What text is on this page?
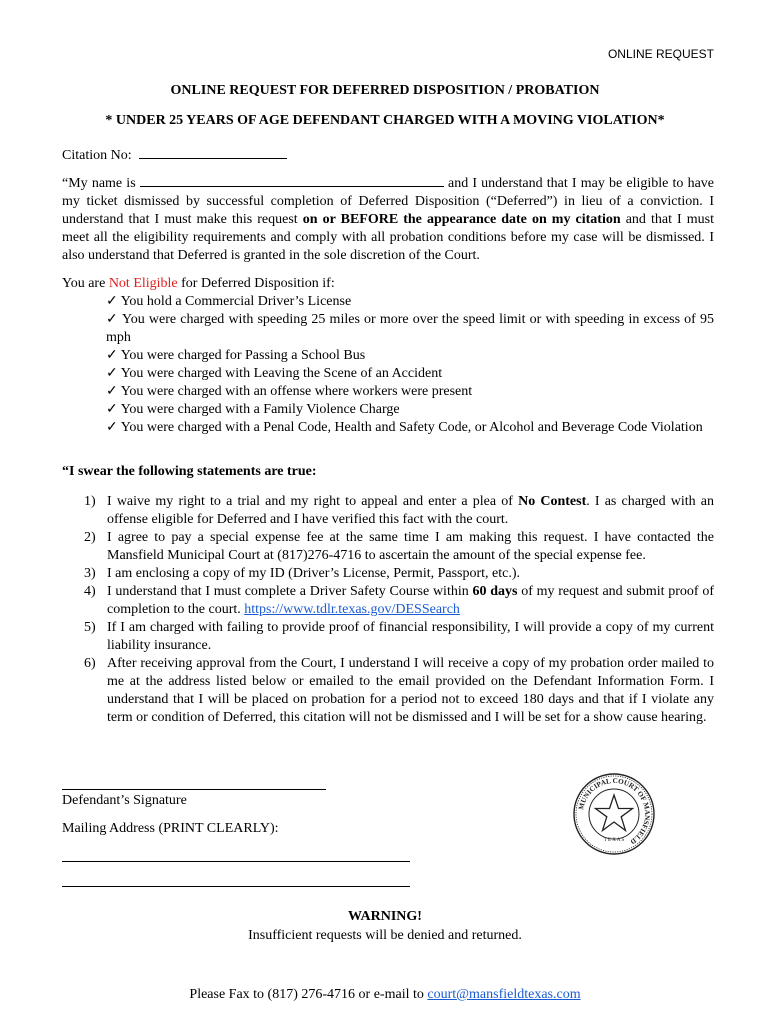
ONLINE REQUEST
ONLINE REQUEST FOR DEFERRED DISPOSITION / PROBATION
* UNDER 25 YEARS OF AGE DEFENDANT CHARGED WITH A MOVING VIOLATION*
Citation No:
“My name is	and I understand that I may be eligible to have my ticket dismissed by successful completion of Deferred Disposition (“Deferred”) in lieu of a conviction. I understand that I must make this request on or BEFORE the appearance date on my citation and that I must meet all the eligibility requirements and comply with all probation conditions before my case will be dismissed. I also understand that Deferred is granted in the sole discretion of the Court.
You are Not Eligible for Deferred Disposition if:
✓ You hold a Commercial Driver’s License
✓ You were charged with speeding 25 miles or more over the speed limit or with speeding in excess of 95 mph
✓ You were charged for Passing a School Bus
✓ You were charged with Leaving the Scene of an Accident
✓ You were charged with an offense where workers were present
✓ You were charged with a Family Violence Charge
✓ You were charged with a Penal Code, Health and Safety Code, or Alcohol and Beverage Code Violation
“I swear the following statements are true:
1) I waive my right to a trial and my right to appeal and enter a plea of No Contest. I as charged with an offense eligible for Deferred and I have verified this fact with the court.
2) I agree to pay a special expense fee at the same time I am making this request. I have contacted the Mansfield Municipal Court at (817)276-4716 to ascertain the amount of the special expense fee.
3) I am enclosing a copy of my ID (Driver’s License, Permit, Passport, etc.).
4) I understand that I must complete a Driver Safety Course within 60 days of my request and submit proof of completion to the court. https://www.tdlr.texas.gov/DESSearch
5) If I am charged with failing to provide proof of financial responsibility, I will provide a copy of my current liability insurance.
6) After receiving approval from the Court, I understand I will receive a copy of my probation order mailed to me at the address listed below or emailed to the email provided on the Defendant Information Form. I understand that I will be placed on probation for a period not to exceed 180 days and that if I violate any term or condition of Deferred, this citation will not be dismissed and I will be set for a show cause hearing.
Defendant’s Signature
Mailing Address (PRINT CLEARLY):
MUNICIPAL COURT OF MANSFIELD
T E X A S
WARNING!
Insufficient requests will be denied and returned.
Please Fax to (817) 276-4716 or e-mail to court@mansfieldtexas.com
